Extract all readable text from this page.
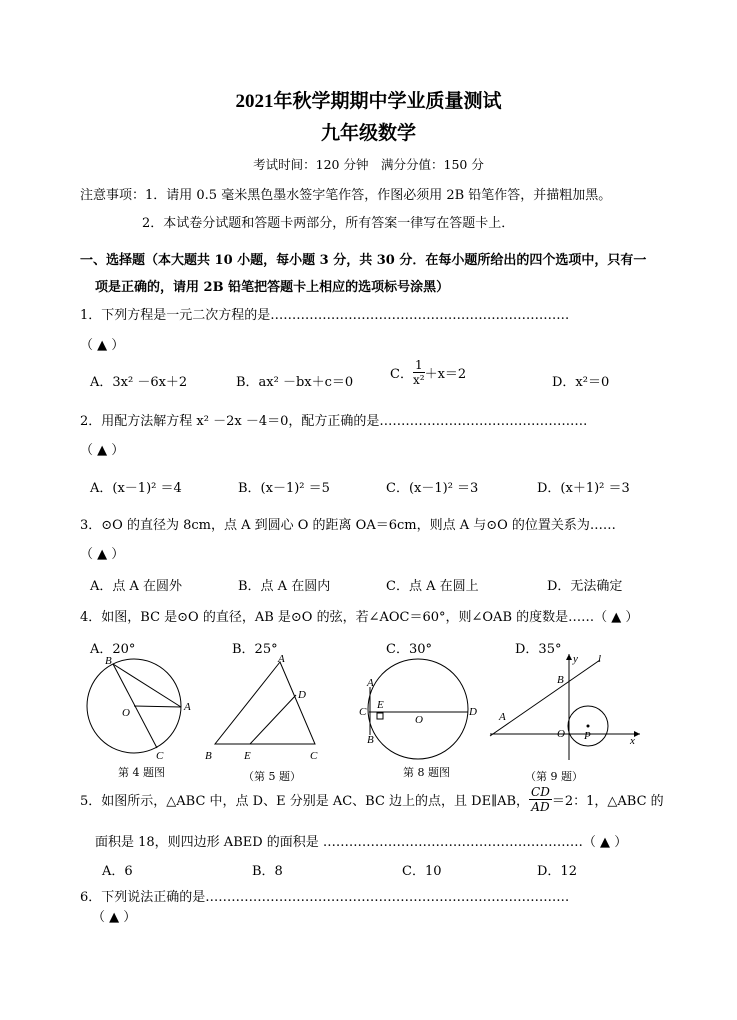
2021年秋学期期中学业质量测试
九年级数学
考试时间：120 分钟　满分分值：150 分
注意事项：1．请用 0.5 毫米黑色墨水签字笔作答，作图必须用 2B 铅笔作答，并描粗加黑。
2．本试卷分试题和答题卡两部分，所有答案一律写在答题卡上．
一、选择题（本大题共 10 小题，每小题 3 分，共 30 分．在每小题所给出的四个选项中，只有一
项是正确的，请用 2B 铅笔把答题卡上相应的选项标号涂黑）
1．下列方程是一元二次方程的是……………………………………………………………
（ ▲ ）
A．3x² －6x＋2	B．ax² －bx＋c＝0
C． $\frac{1}{\text{x²}} +x=2$
D．x²＝0
2．用配方法解方程 x² －2x －4＝0，配方正确的是…………………………………………
（ ▲ ）
A．(x－1)² ＝4	B．(x－1)² ＝5	C．(x－1)² ＝3	D．(x＋1)² ＝3
3．⊙O 的直径为 8cm，点 A 到圆心 O 的距离 OA＝6cm，则点 A 与⊙O 的位置关系为……
（ ▲ ）
A．点 A 在圆外	B．点 A 在圆内	C．点 A 在圆上	D．无法确定
4．如图，BC 是⊙O 的直径，AB 是⊙O 的弦，若∠AOC＝60°，则∠OAB 的度数是……（ ▲ ）
A．20°	B．25°	C．30°	D．35°
B
O	A
C
第 4 题图
A
D
B	E	C
（第 5 题）
A
C
E
B
O
D
第 8 题图
A
B
O P
y l
x
（第 9 题）
5．如图所示，△ABC 中，点 D、E 分别是 AC、BC 边上的点，且 DE∥AB， $\frac{CD}{AD} =2$：1，△ABC 的
面积是 18，则四边形 ABED 的面积是 ……………………………………………………（ ▲ ）
A．6	B．8	C．10	D．12
6．下列说法正确的是…………………………………………………………………………
（ ▲ ）
